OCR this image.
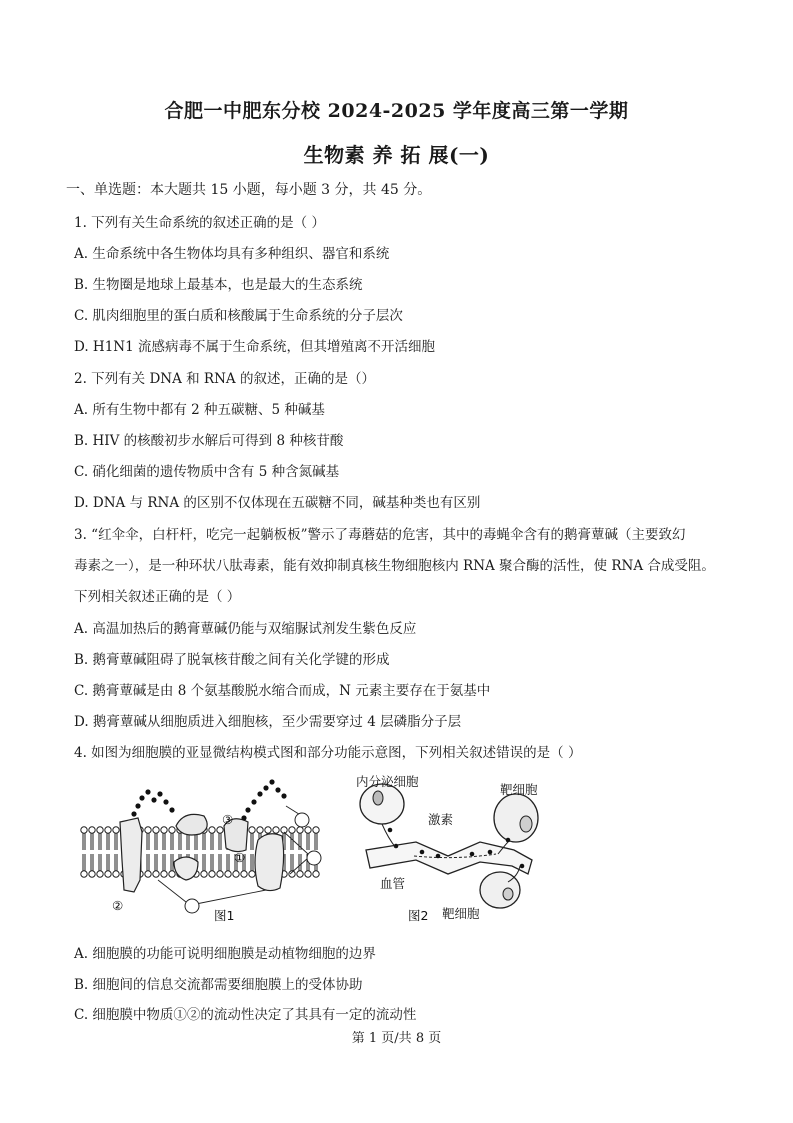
合肥一中肥东分校 2024-2025 学年度高三第一学期
生物素 养 拓 展(一)
一、单选题：本大题共 15 小题，每小题 3 分，共 45 分。
1. 下列有关生命系统的叙述正确的是（ ）
A. 生命系统中各生物体均具有多种组织、器官和系统
B. 生物圈是地球上最基本，也是最大的生态系统
C. 肌肉细胞里的蛋白质和核酸属于生命系统的分子层次
D. H1N1 流感病毒不属于生命系统，但其增殖离不开活细胞
2. 下列有关 DNA 和 RNA 的叙述，正确的是（）
A. 所有生物中都有 2 种五碳糖、5 种碱基
B. HIV 的核酸初步水解后可得到 8 种核苷酸
C. 硝化细菌的遗传物质中含有 5 种含氮碱基
D. DNA 与 RNA 的区别不仅体现在五碳糖不同，碱基种类也有区别
3. “红伞伞，白杆杆，吃完一起躺板板”警示了毒蘑菇的危害，其中的毒蝇伞含有的鹅膏蕈碱（主要致幻
毒素之一），是一种环状八肽毒素，能有效抑制真核生物细胞核内 RNA 聚合酶的活性，使 RNA 合成受阻。
下列相关叙述正确的是（ ）
A. 高温加热后的鹅膏蕈碱仍能与双缩脲试剂发生紫色反应
B. 鹅膏蕈碱阻碍了脱氧核苷酸之间有关化学键的形成
C. 鹅膏蕈碱是由 8 个氨基酸脱水缩合而成，N 元素主要存在于氨基中
D. 鹅膏蕈碱从细胞质进入细胞核，至少需要穿过 4 层磷脂分子层
4. 如图为细胞膜的亚显微结构模式图和部分功能示意图，下列相关叙述错误的是（ ）
③
①
②
图1
内分泌细胞
靶细胞
激素
血管
图2 靶细胞
A. 细胞膜的功能可说明细胞膜是动植物细胞的边界
B. 细胞间的信息交流都需要细胞膜上的受体协助
C. 细胞膜中物质①②的流动性决定了其具有一定的流动性
第 1 页/共 8 页
